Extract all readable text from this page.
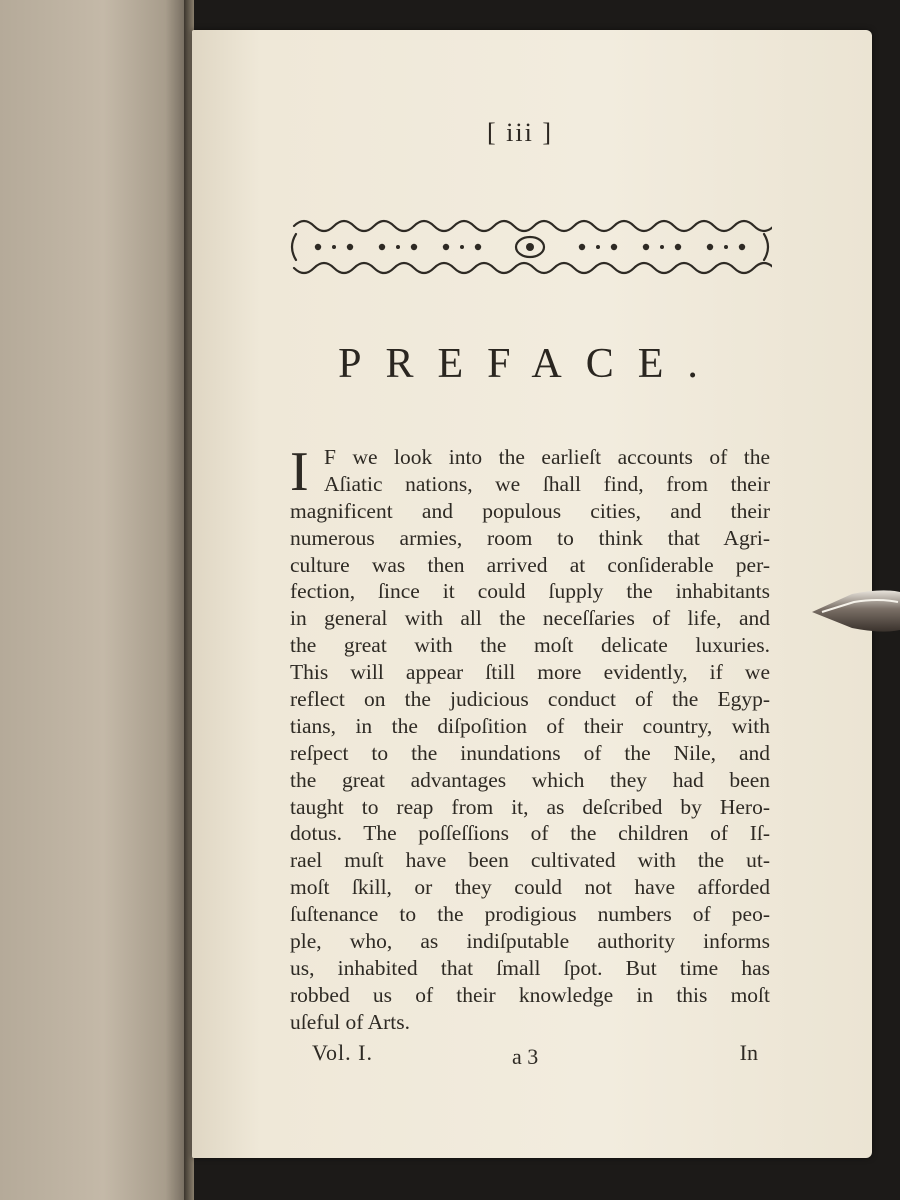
[ iii ]
PREFACE.
I F we look into the earlieſt accounts of the
Aſiatic nations, we ſhall find, from their
magnificent and populous cities, and their
numerous armies, room to think that Agri-
culture was then arrived at conſiderable per-
fection, ſince it could ſupply the inhabitants
in general with all the neceſſaries of life, and
the great with the moſt delicate luxuries.
This will appear ſtill more evidently, if we
reflect on the judicious conduct of the Egyp-
tians, in the diſpoſition of their country, with
reſpect to the inundations of the Nile, and
the great advantages which they had been
taught to reap from it, as deſcribed by Hero-
dotus. The poſſeſſions of the children of Iſ-
rael muſt have been cultivated with the ut-
moſt ſkill, or they could not have afforded
ſuſtenance to the prodigious numbers of peo-
ple, who, as indiſputable authority informs
us, inhabited that ſmall ſpot. But time has
robbed us of their knowledge in this moſt
uſeful of Arts.
Vol. I.	a 3	In
